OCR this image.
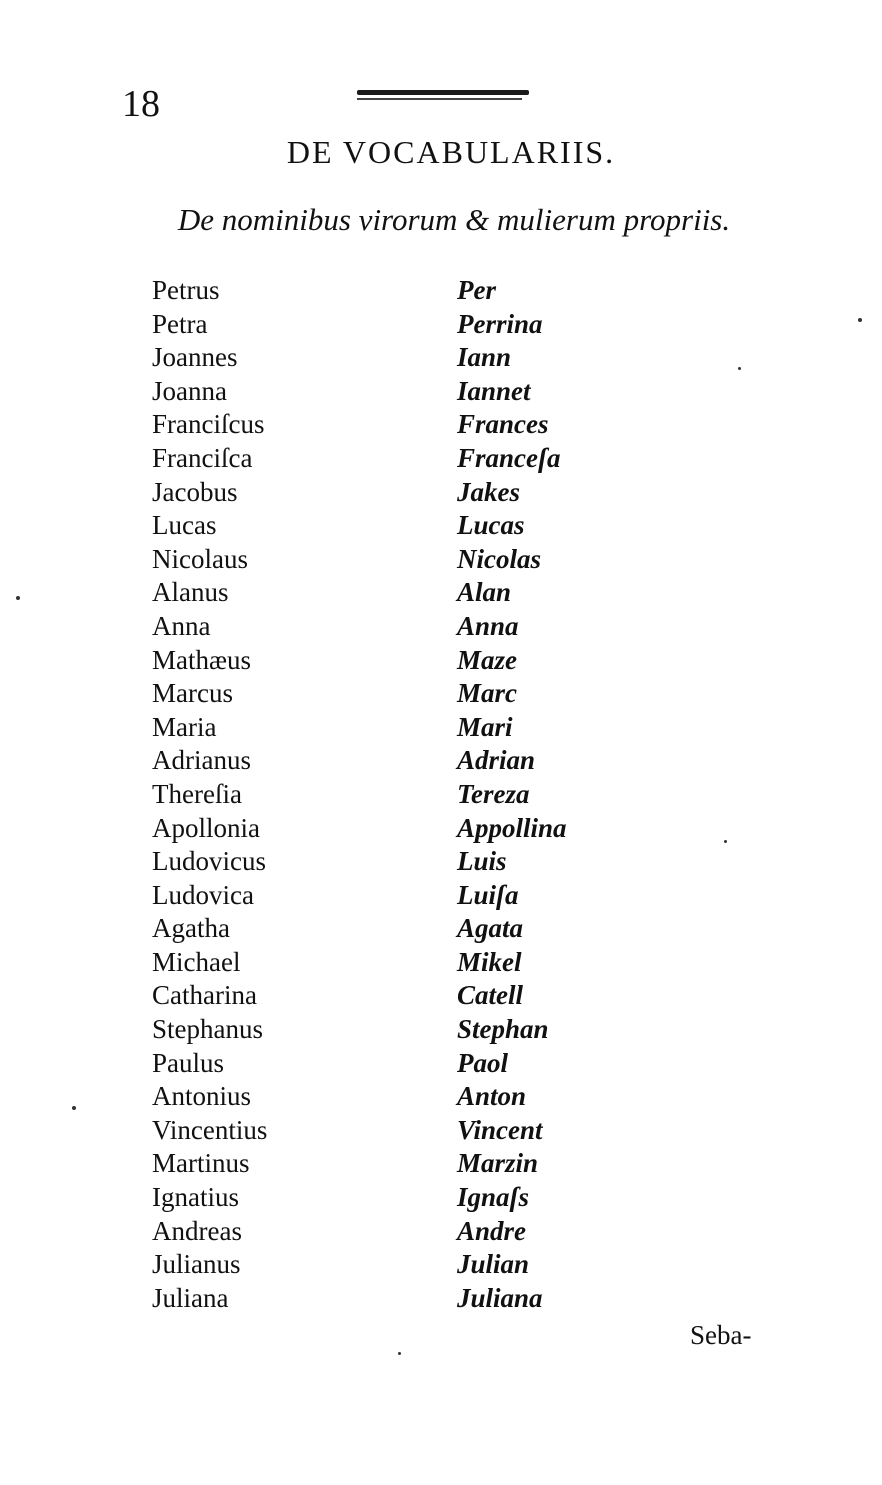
18
DE VOCABULARIIS.
De nominibus virorum & mulierum propriis.
Petrus	Per
Petra	Perrina
Joannes	Iann
Joanna	Iannet
Franciſcus	Frances
Franciſca	Franceſa
Jacobus	Jakes
Lucas	Lucas
Nicolaus	Nicolas
Alanus	Alan
Anna	Anna
Mathæus	Maze
Marcus	Marc
Maria	Mari
Adrianus	Adrian
Thereſia	Tereza
Apollonia	Appollina
Ludovicus	Luis
Ludovica	Luiſa
Agatha	Agata
Michael	Mikel
Catharina	Catell
Stephanus	Stephan
Paulus	Paol
Antonius	Anton
Vincentius	Vincent
Martinus	Marzin
Ignatius	Ignaſs
Andreas	Andre
Julianus	Julian
Juliana	Juliana
Seba-
